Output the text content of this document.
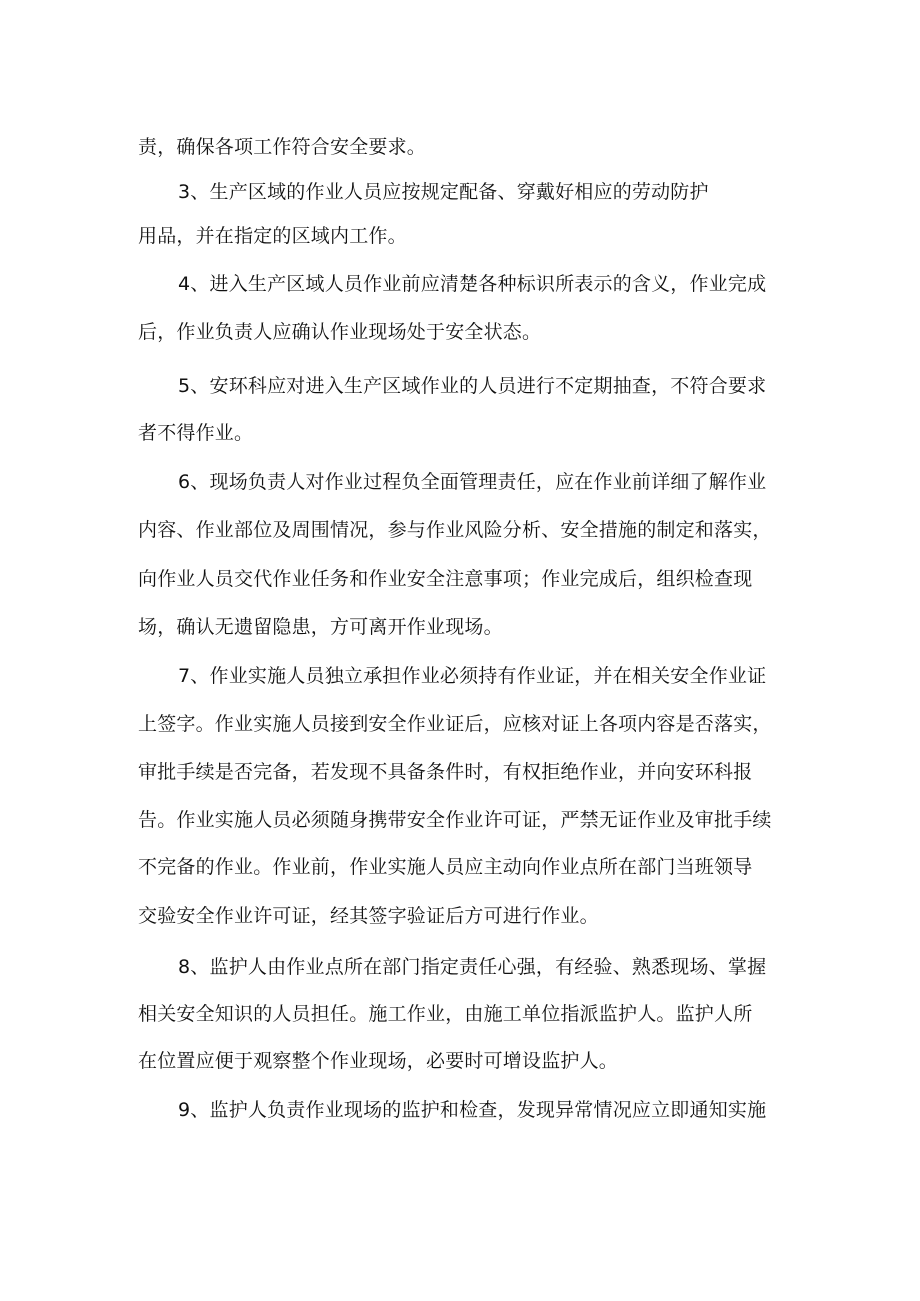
责，确保各项工作符合安全要求。
3、生产区域的作业人员应按规定配备、穿戴好相应的劳动防护
用品，并在指定的区域内工作。
4、进入生产区域人员作业前应清楚各种标识所表示的含义，作业完成
后，作业负责人应确认作业现场处于安全状态。
5、安环科应对进入生产区域作业的人员进行不定期抽查，不符合要求
者不得作业。
6、现场负责人对作业过程负全面管理责任，应在作业前详细了解作业
内容、作业部位及周围情况，参与作业风险分析、安全措施的制定和落实，
向作业人员交代作业任务和作业安全注意事项；作业完成后，组织检查现
场，确认无遗留隐患，方可离开作业现场。
7、作业实施人员独立承担作业必须持有作业证，并在相关安全作业证
上签字。作业实施人员接到安全作业证后，应核对证上各项内容是否落实，
审批手续是否完备，若发现不具备条件时，有权拒绝作业，并向安环科报
告。作业实施人员必须随身携带安全作业许可证，严禁无证作业及审批手续
不完备的作业。作业前，作业实施人员应主动向作业点所在部门当班领导
交验安全作业许可证，经其签字验证后方可进行作业。
8、监护人由作业点所在部门指定责任心强，有经验、熟悉现场、掌握
相关安全知识的人员担任。施工作业，由施工单位指派监护人。监护人所
在位置应便于观察整个作业现场，必要时可增设监护人。
9、监护人负责作业现场的监护和检查，发现异常情况应立即通知实施
